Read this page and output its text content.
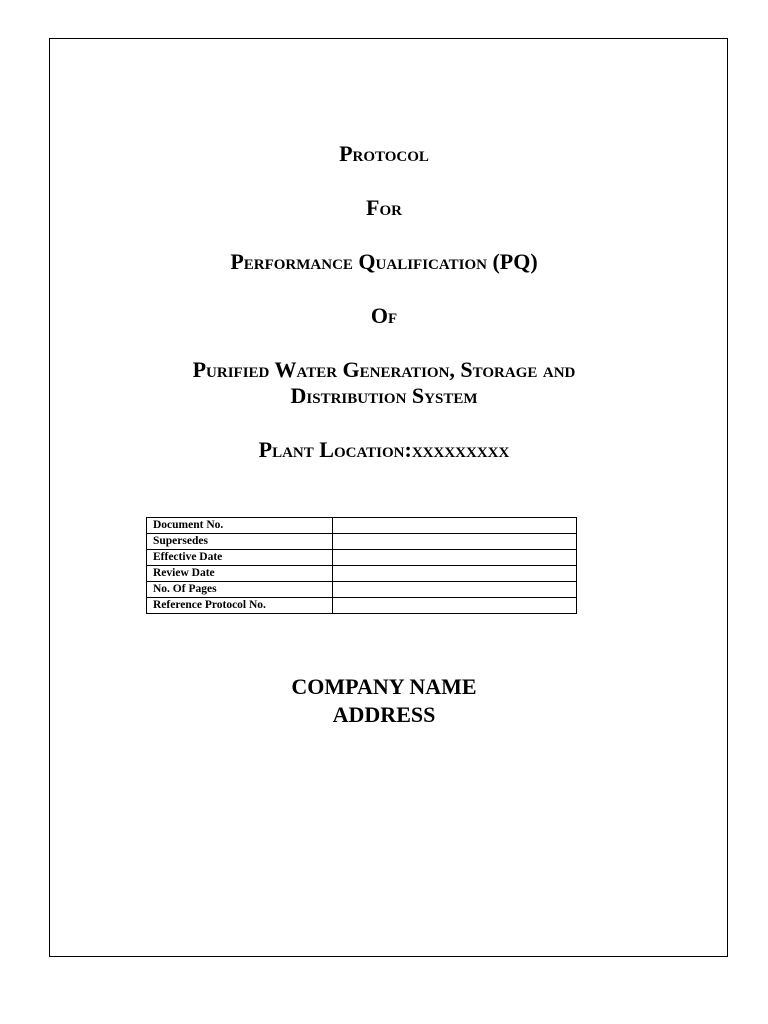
Protocol
For
Performance Qualification (PQ)
Of
Purified Water Generation, Storage and
Distribution System
Plant Location:xxxxxxxxx
Document No.	
Supersedes	
Effective Date	
Review Date	
No. Of Pages	
Reference Protocol No.	
COMPANY NAME
ADDRESS
